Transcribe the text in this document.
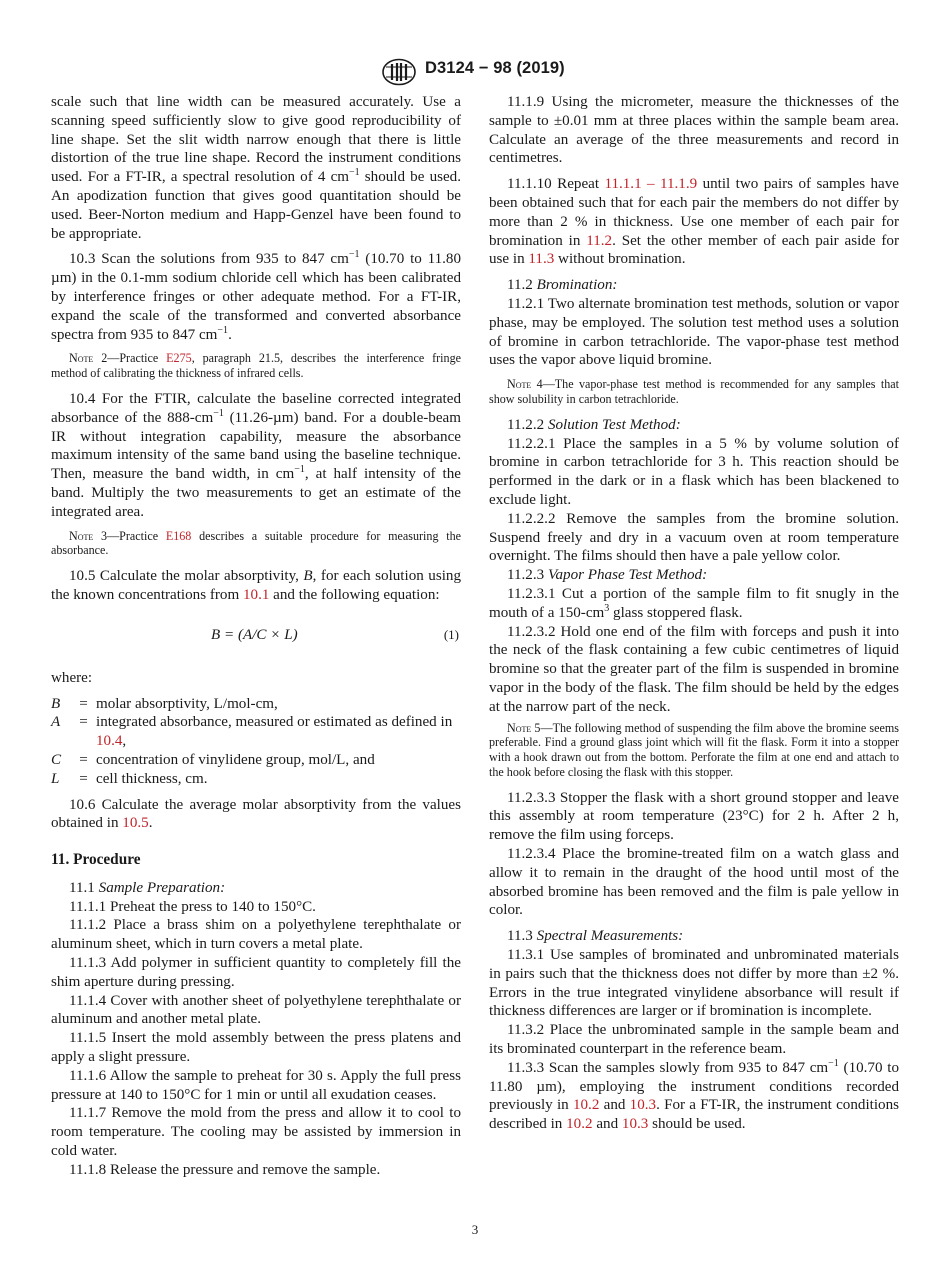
D3124 − 98 (2019)

scale such that line width can be measured accurately. Use a scanning speed sufficiently slow to give good reproducibility of line shape. Set the slit width narrow enough that there is little distortion of the true line shape. Record the instrument conditions used. For a FT-IR, a spectral resolution of 4 $cm^{-1}$ should be used. An apodization function that gives good quantitation should be used. Beer-Norton medium and Happ-Genzel have been found to be appropriate.

10.3 Scan the solutions from 935 to 847 $cm^{-1}$ (10.70 to 11.80 µm) in the 0.1-mm sodium chloride cell which has been calibrated by interference fringes or other adequate method. For a FT-IR, expand the scale of the transformed and converted absorbance spectra from 935 to 847 $cm^{-1}$.

Note 2—Practice E275, paragraph 21.5, describes the interference fringe method of calibrating the thickness of infrared cells.

10.4 For the FTIR, calculate the baseline corrected integrated absorbance of the $888-cm^{-1}$ (11.26-µm) band. For a double-beam IR without integration capability, measure the absorbance maximum intensity of the same band using the baseline technique. Then, measure the band width, in $cm^{-1}$, at half intensity of the band. Multiply the two measurements to get an estimate of the integrated area.

Note 3—Practice E168 describes a suitable procedure for measuring the absorbance.

10.5 Calculate the molar absorptivity, B, for each solution using the known concentrations from 10.1 and the following equation:

B = (A/C × L)	(1)

where:

B	=	molar absorptivity, L/mol-cm,
A	=	integrated absorbance, measured or estimated as defined in 10.4,
C	=	concentration of vinylidene group, mol/L, and
L	=	cell thickness, cm.

10.6 Calculate the average molar absorptivity from the values obtained in 10.5.

11. Procedure

11.1 Sample Preparation:

11.1.1 Preheat the press to 140 to 150°C.

11.1.2 Place a brass shim on a polyethylene terephthalate or aluminum sheet, which in turn covers a metal plate.

11.1.3 Add polymer in sufficient quantity to completely fill the shim aperture during pressing.

11.1.4 Cover with another sheet of polyethylene terephthalate or aluminum and another metal plate.

11.1.5 Insert the mold assembly between the press platens and apply a slight pressure.

11.1.6 Allow the sample to preheat for 30 s. Apply the full press pressure at 140 to 150°C for 1 min or until all exudation ceases.

11.1.7 Remove the mold from the press and allow it to cool to room temperature. The cooling may be assisted by immersion in cold water.

11.1.8 Release the pressure and remove the sample.

11.1.9 Using the micrometer, measure the thicknesses of the sample to ±0.01 mm at three places within the sample beam area. Calculate an average of the three measurements and record in centimetres.

11.1.10 Repeat 11.1.1 – 11.1.9 until two pairs of samples have been obtained such that for each pair the members do not differ by more than 2 % in thickness. Use one member of each pair for bromination in 11.2. Set the other member of each pair aside for use in 11.3 without bromination.

11.2 Bromination:

11.2.1 Two alternate bromination test methods, solution or vapor phase, may be employed. The solution test method uses a solution of bromine in carbon tetrachloride. The vapor-phase test method uses the vapor above liquid bromine.

Note 4—The vapor-phase test method is recommended for any samples that show solubility in carbon tetrachloride.

11.2.2 Solution Test Method:

11.2.2.1 Place the samples in a 5 % by volume solution of bromine in carbon tetrachloride for 3 h. This reaction should be performed in the dark or in a flask which has been blackened to exclude light.

11.2.2.2 Remove the samples from the bromine solution. Suspend freely and dry in a vacuum oven at room temperature overnight. The films should then have a pale yellow color.

11.2.3 Vapor Phase Test Method:

11.2.3.1 Cut a portion of the sample film to fit snugly in the mouth of a $150-cm^3$ glass stoppered flask.

11.2.3.2 Hold one end of the film with forceps and push it into the neck of the flask containing a few cubic centimetres of liquid bromine so that the greater part of the film is suspended in bromine vapor in the body of the flask. The film should be held by the edges at the narrow part of the neck.

Note 5—The following method of suspending the film above the bromine seems preferable. Find a ground glass joint which will fit the flask. Form it into a stopper with a hook drawn out from the bottom. Perforate the film at one end and attach to the hook before closing the flask with this stopper.

11.2.3.3 Stopper the flask with a short ground stopper and leave this assembly at room temperature (23°C) for 2 h. After 2 h, remove the film using forceps.

11.2.3.4 Place the bromine-treated film on a watch glass and allow it to remain in the draught of the hood until most of the absorbed bromine has been removed and the film is pale yellow in color.

11.3 Spectral Measurements:

11.3.1 Use samples of brominated and unbrominated materials in pairs such that the thickness does not differ by more than ±2 %. Errors in the true integrated vinylidene absorbance will result if thickness differences are larger or if bromination is incomplete.

11.3.2 Place the unbrominated sample in the sample beam and its brominated counterpart in the reference beam.

11.3.3 Scan the samples slowly from 935 to 847 $cm^{-1}$ (10.70 to 11.80 µm), employing the instrument conditions recorded previously in 10.2 and 10.3. For a FT-IR, the instrument conditions described in 10.2 and 10.3 should be used.

3
